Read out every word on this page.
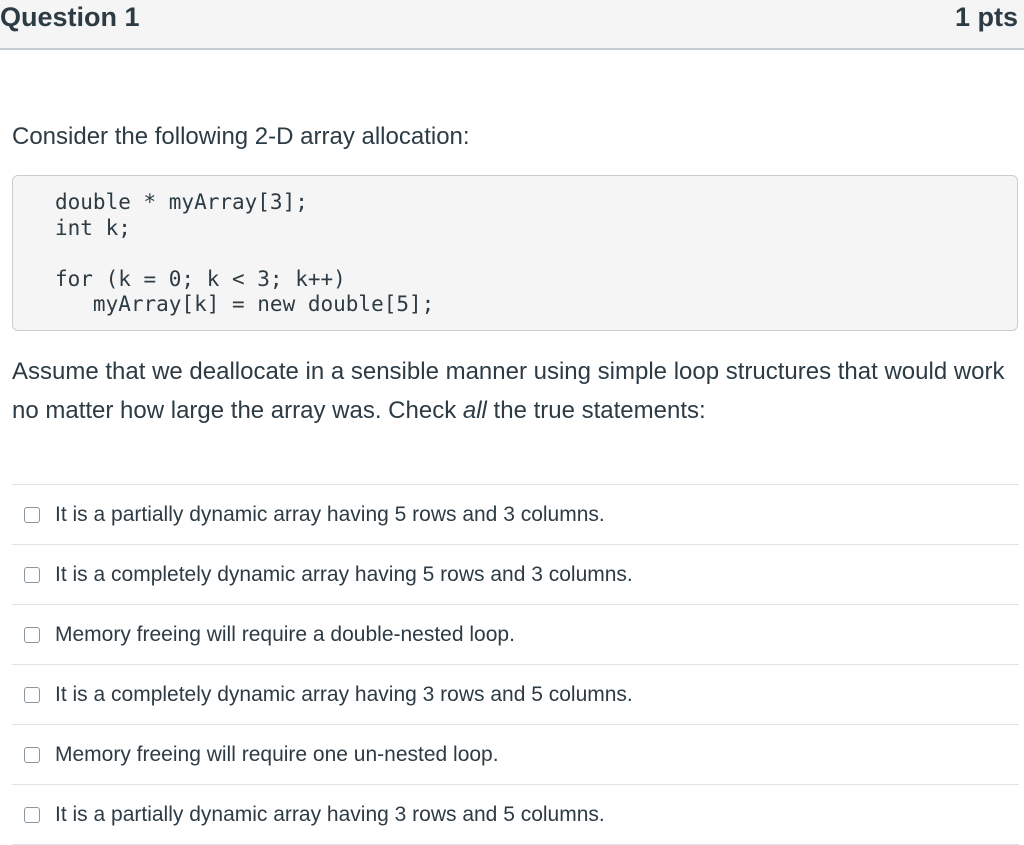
Question 1	1 pts

Consider the following 2-D array allocation:

double * myArray[3];
int k;

for (k = 0; k < 3; k++)
myArray[k] = new double[5];

Assume that we deallocate in a sensible manner using simple loop structures that would work no matter how large the array was. Check all the true statements:

It is a partially dynamic array having 5 rows and 3 columns.
It is a completely dynamic array having 5 rows and 3 columns.
Memory freeing will require a double-nested loop.
It is a completely dynamic array having 3 rows and 5 columns.
Memory freeing will require one un-nested loop.
It is a partially dynamic array having 3 rows and 5 columns.
